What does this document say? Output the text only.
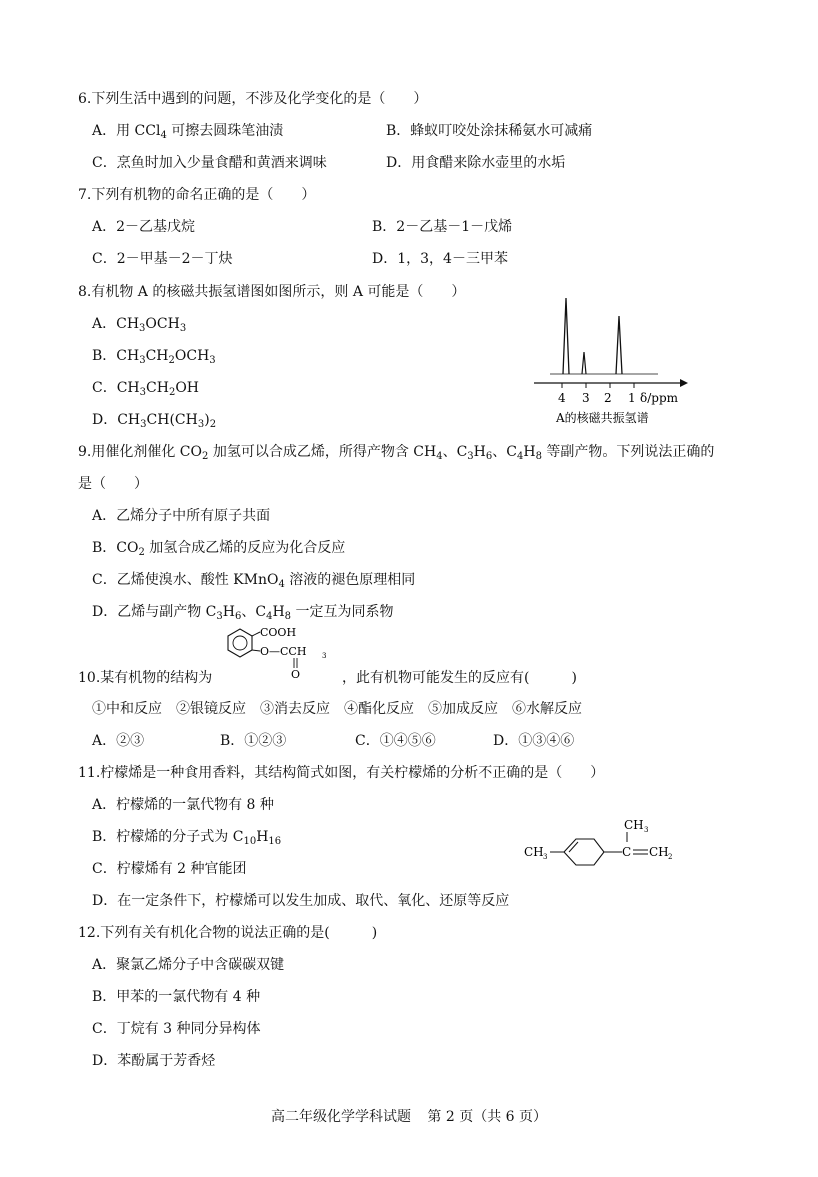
6.下列生活中遇到的问题，不涉及化学变化的是（　　）
A．用 CCl$_4$ 可擦去圆珠笔油渍	B．蜂蚁叮咬处涂抹稀氨水可减痛
C．烹鱼时加入少量食醋和黄酒来调味	D．用食醋来除水壶里的水垢
7.下列有机物的命名正确的是（　　）
A．2－乙基戊烷	B．2－乙基－1－戊烯
C．2－甲基－2－丁炔	D．1，3，4－三甲苯
8.有机物 A 的核磁共振氢谱图如图所示，则 A 可能是（　　）
A．$CH_3OCH_3$
B．$CH_3CH_2OCH_3$
C．$CH_3CH_2OH$
D．$CH_3CH(CH_3)_2$
4 3 2 1 δ/ppm
A的核磁共振氢谱
9.用催化剂催化 $CO_2$ 加氢可以合成乙烯，所得产物含 $CH_4$、$C_3H_6$、$C_4H_8$ 等副产物。下列说法正确的
是（　　）
A．乙烯分子中所有原子共面
B．$CO_2$ 加氢合成乙烯的反应为化合反应
C．乙烯使溴水、酸性 KMnO$_4$ 溶液的褪色原理相同
D．乙烯与副产物 $C_3H_6$、$C_4H_8$ 一定互为同系物
COOH
O—CCH 3
O
10.某有机物的结构为	，此有机物可能发生的反应有(　　　)
①中和反应　②银镜反应　③消去反应　④酯化反应　⑤加成反应　⑥水解反应
A．②③	B．①②③	C．①④⑤⑥	D．①③④⑥
11.柠檬烯是一种食用香料，其结构简式如图，有关柠檬烯的分析不正确的是（　　）
A．柠檬烯的一氯代物有 8 种
B．柠檬烯的分子式为 $C_{10}H_{16}$
C．柠檬烯有 2 种官能团
D．在一定条件下，柠檬烯可以发生加成、取代、氧化、还原等反应
CH 3	C
CH 3
CH 2
12.下列有关有机化合物的说法正确的是(　　　)
A．聚氯乙烯分子中含碳碳双键
B．甲苯的一氯代物有 4 种
C．丁烷有 3 种同分异构体
D．苯酚属于芳香烃
高二年级化学学科试题 第 2 页（共 6 页）
